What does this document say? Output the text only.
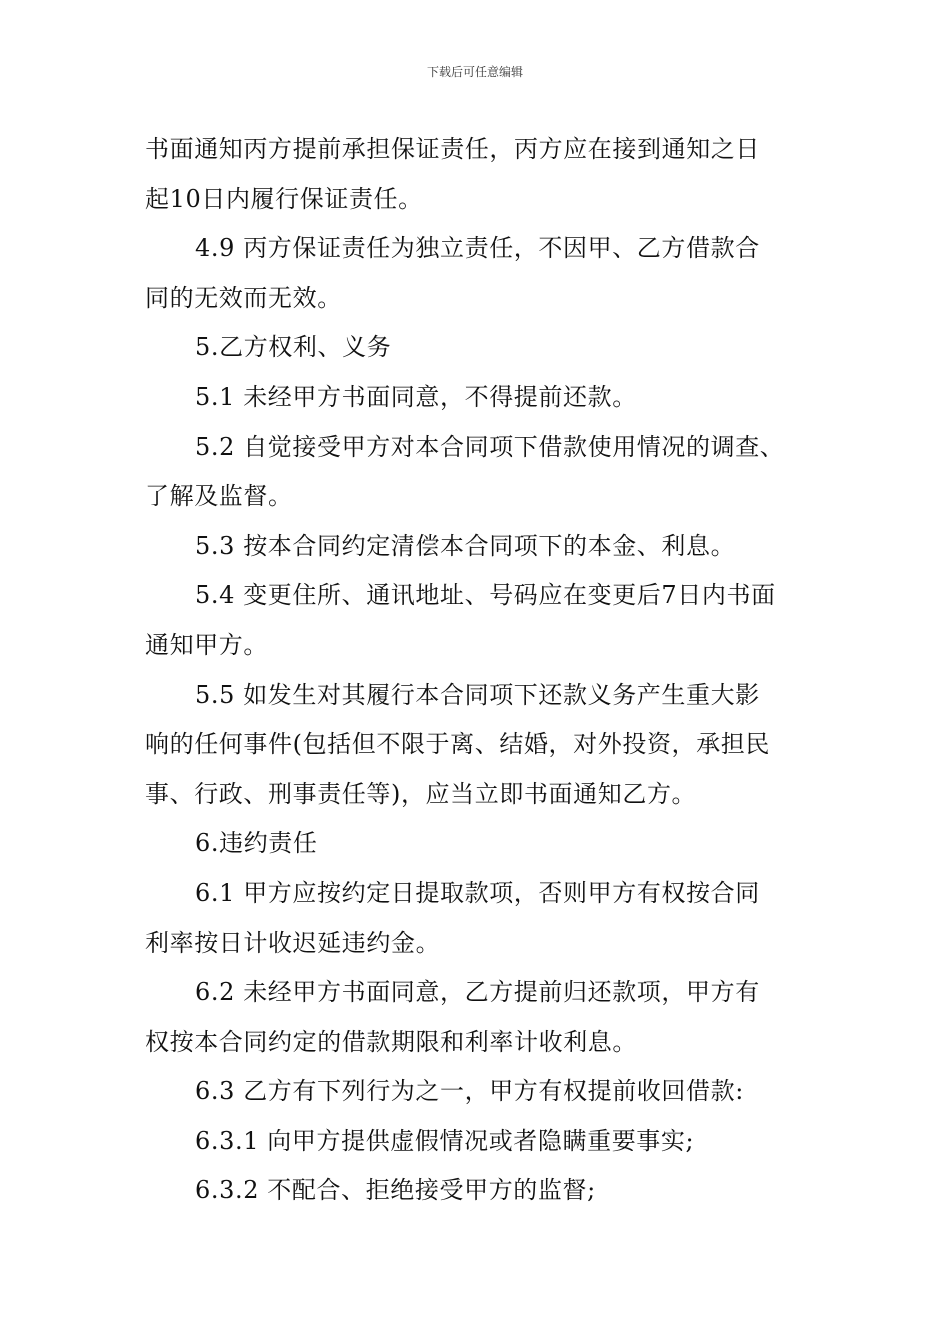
下载后可任意编辑
书面通知丙方提前承担保证责任，丙方应在接到通知之日
起10日内履行保证责任。
4.9 丙方保证责任为独立责任，不因甲、乙方借款合
同的无效而无效。
5.乙方权利、义务
5.1 未经甲方书面同意，不得提前还款。
5.2 自觉接受甲方对本合同项下借款使用情况的调查、
了解及监督。
5.3 按本合同约定清偿本合同项下的本金、利息。
5.4 变更住所、通讯地址、号码应在变更后7日内书面
通知甲方。
5.5 如发生对其履行本合同项下还款义务产生重大影
响的任何事件(包括但不限于离、结婚，对外投资，承担民
事、行政、刑事责任等)，应当立即书面通知乙方。
6.违约责任
6.1 甲方应按约定日提取款项，否则甲方有权按合同
利率按日计收迟延违约金。
6.2 未经甲方书面同意，乙方提前归还款项，甲方有
权按本合同约定的借款期限和利率计收利息。
6.3 乙方有下列行为之一，甲方有权提前收回借款:
6.3.1 向甲方提供虚假情况或者隐瞒重要事实;
6.3.2 不配合、拒绝接受甲方的监督;
